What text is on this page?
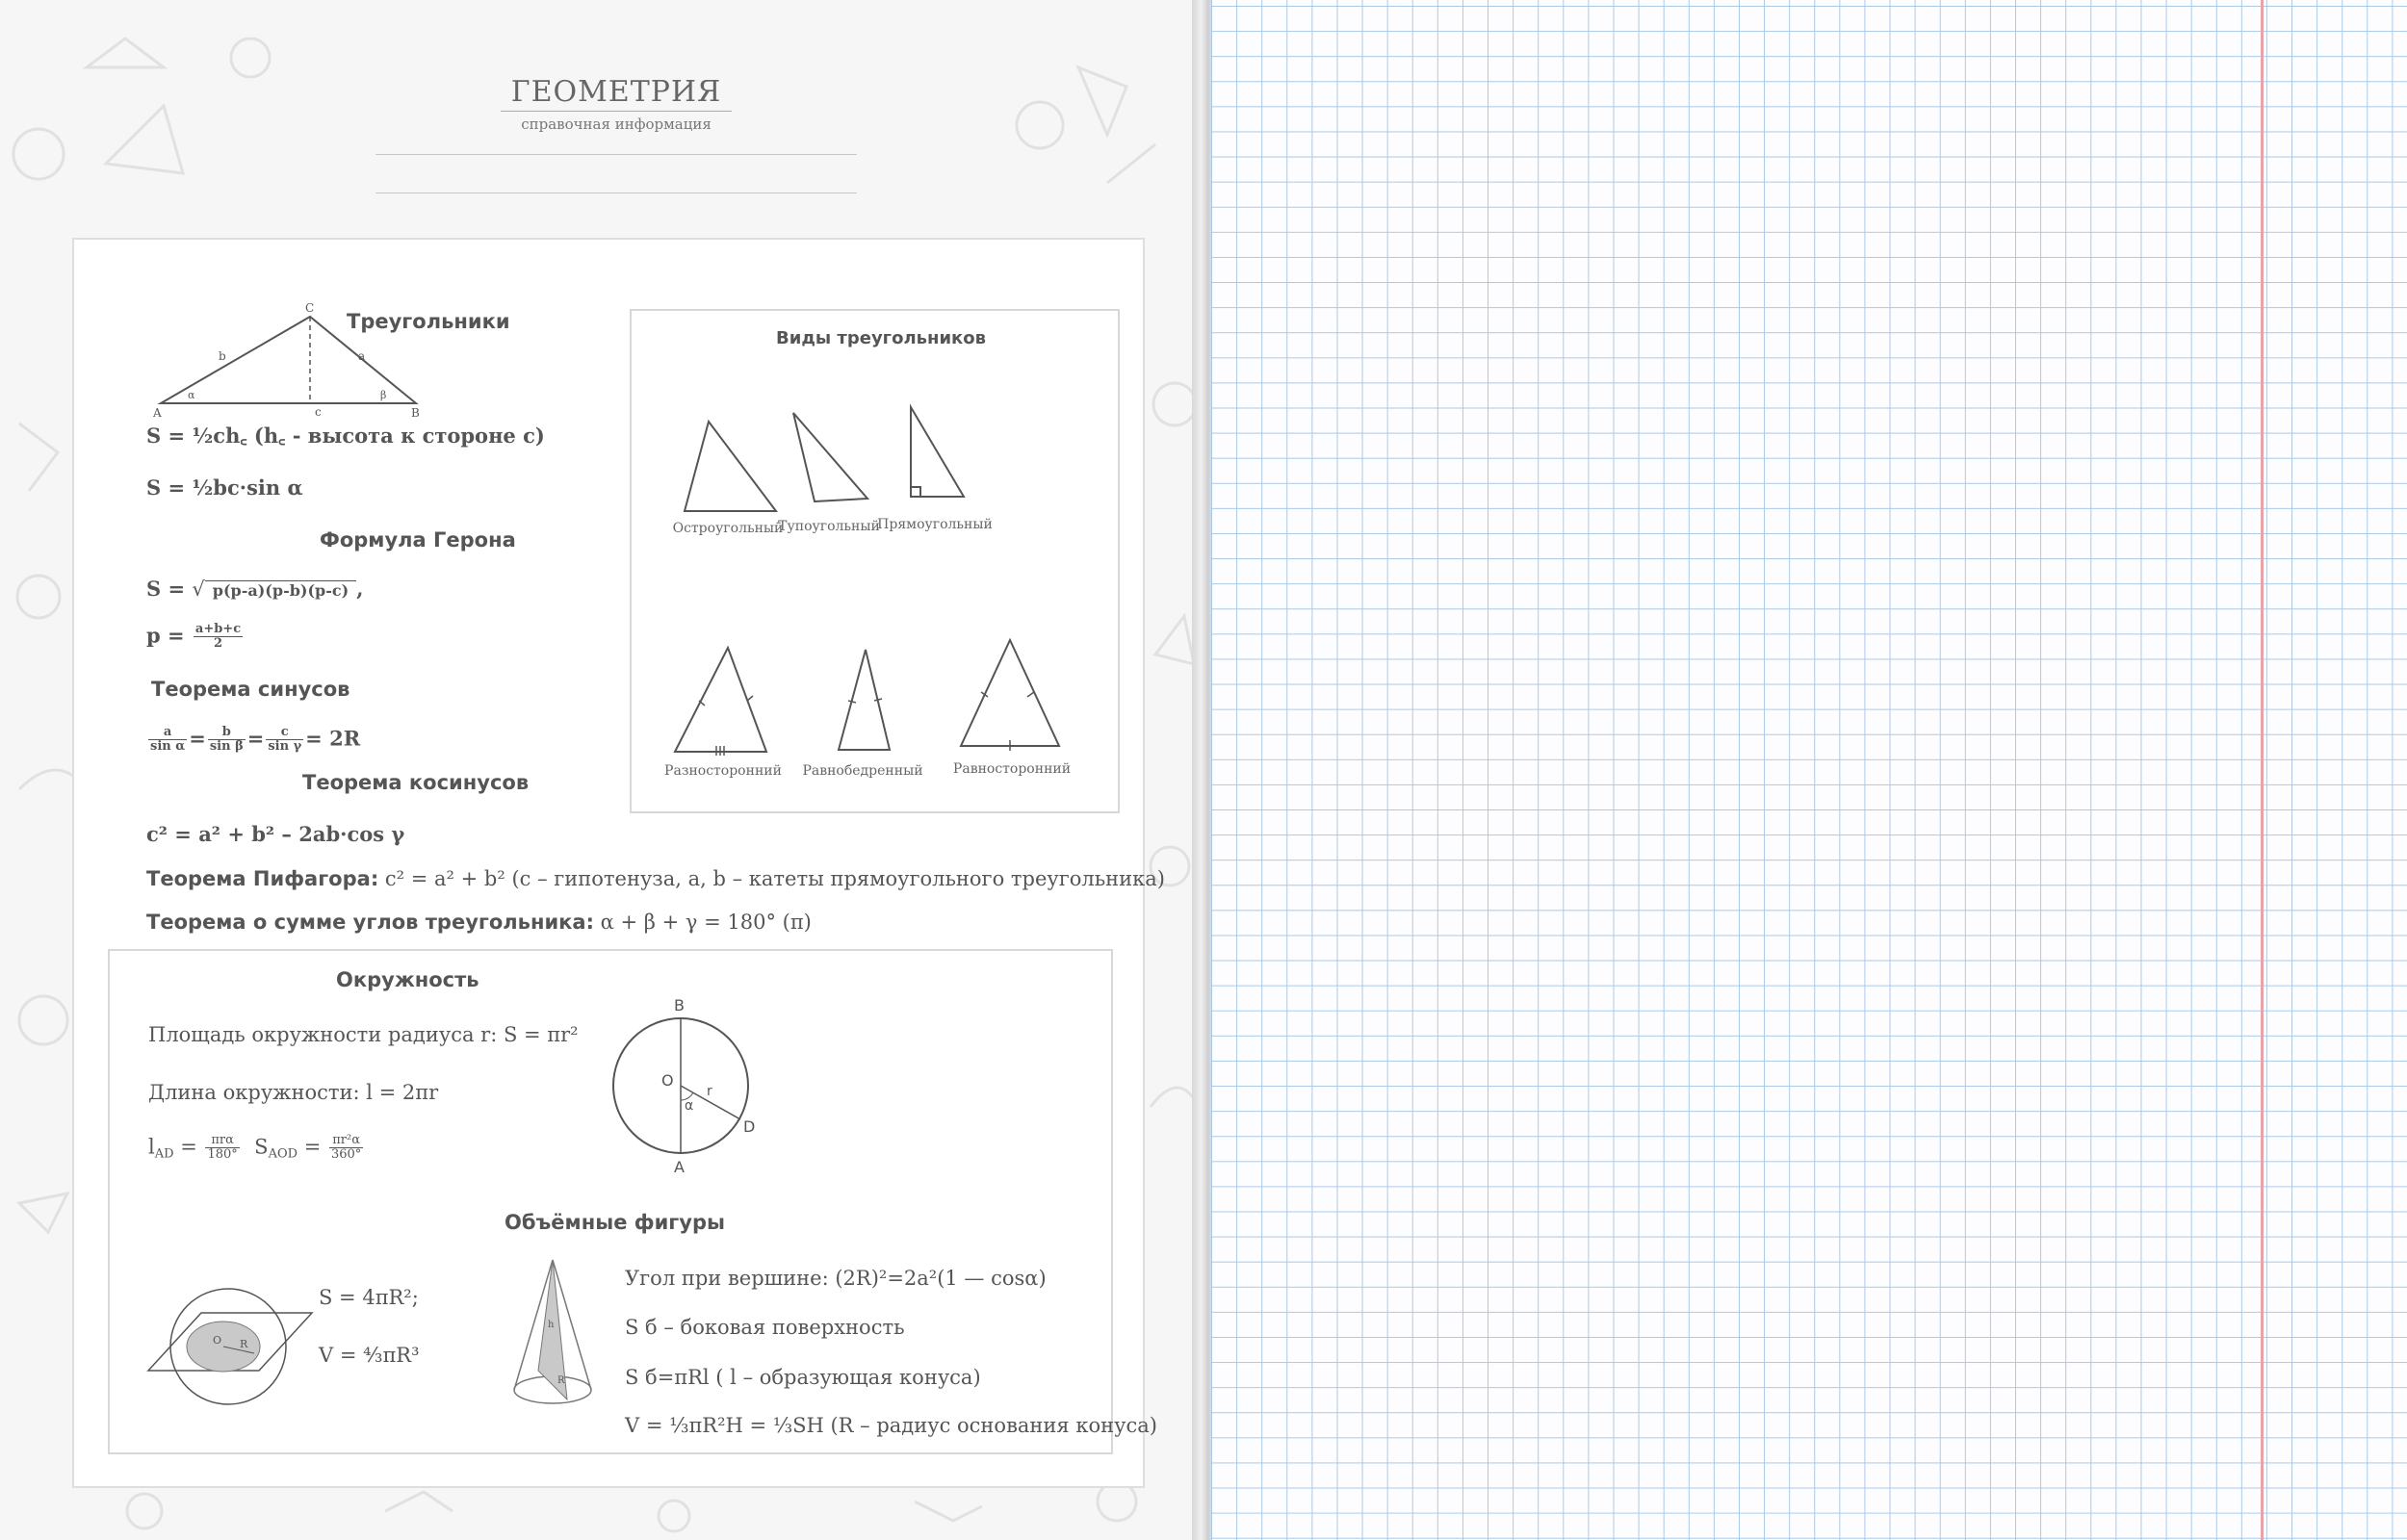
ГЕОМЕТРИЯ
справочная информация
C
A	B
b	a
c
α	β
Треугольники
S = ½ch꜀ (h꜀ - высота к стороне с)
S = ½bc·sin α
Формула Герона
S = √ p(p-a)(p-b)(p-c) ,
$p = \frac{a+b+c}{2}$
Теорема синусов
$\frac{a}{\text{sin α}} = \frac{b}{\text{sin β}} = \frac{c}{\text{sin γ}} = 2R$
Теорема косинусов
c² = a² + b² – 2ab·cos γ
Теорема Пифагора: c² = a² + b² (c – гипотенуза, a, b – катеты прямоугольного треугольника)
Теорема о сумме углов треугольника: α + β + γ = 180° (π)
Виды треугольников
Остроугольный
Тупоугольный
Прямоугольный
Разносторонний	Равнобедренный	Равносторонний
Окружность
Площадь окружности радиуса r: S = πr²
Длина окружности: l = 2πr
$l_{AD} = \frac{\text{πrα}}{180^\circ} S_{AOD} = \frac{\text{πr²α}}{360^\circ}$
B
A
O
D
r
α
Объёмные фигуры
O R
S = 4πR²;
V = ⁴⁄₃πR³
h
R
Угол при вершине: (2R)²=2a²(1 — cosα)
S б – боковая поверхность
S б=πRl ( l – образующая конуса)
V = ⅓πR²H = ⅓SH (R – радиус основания конуса)
